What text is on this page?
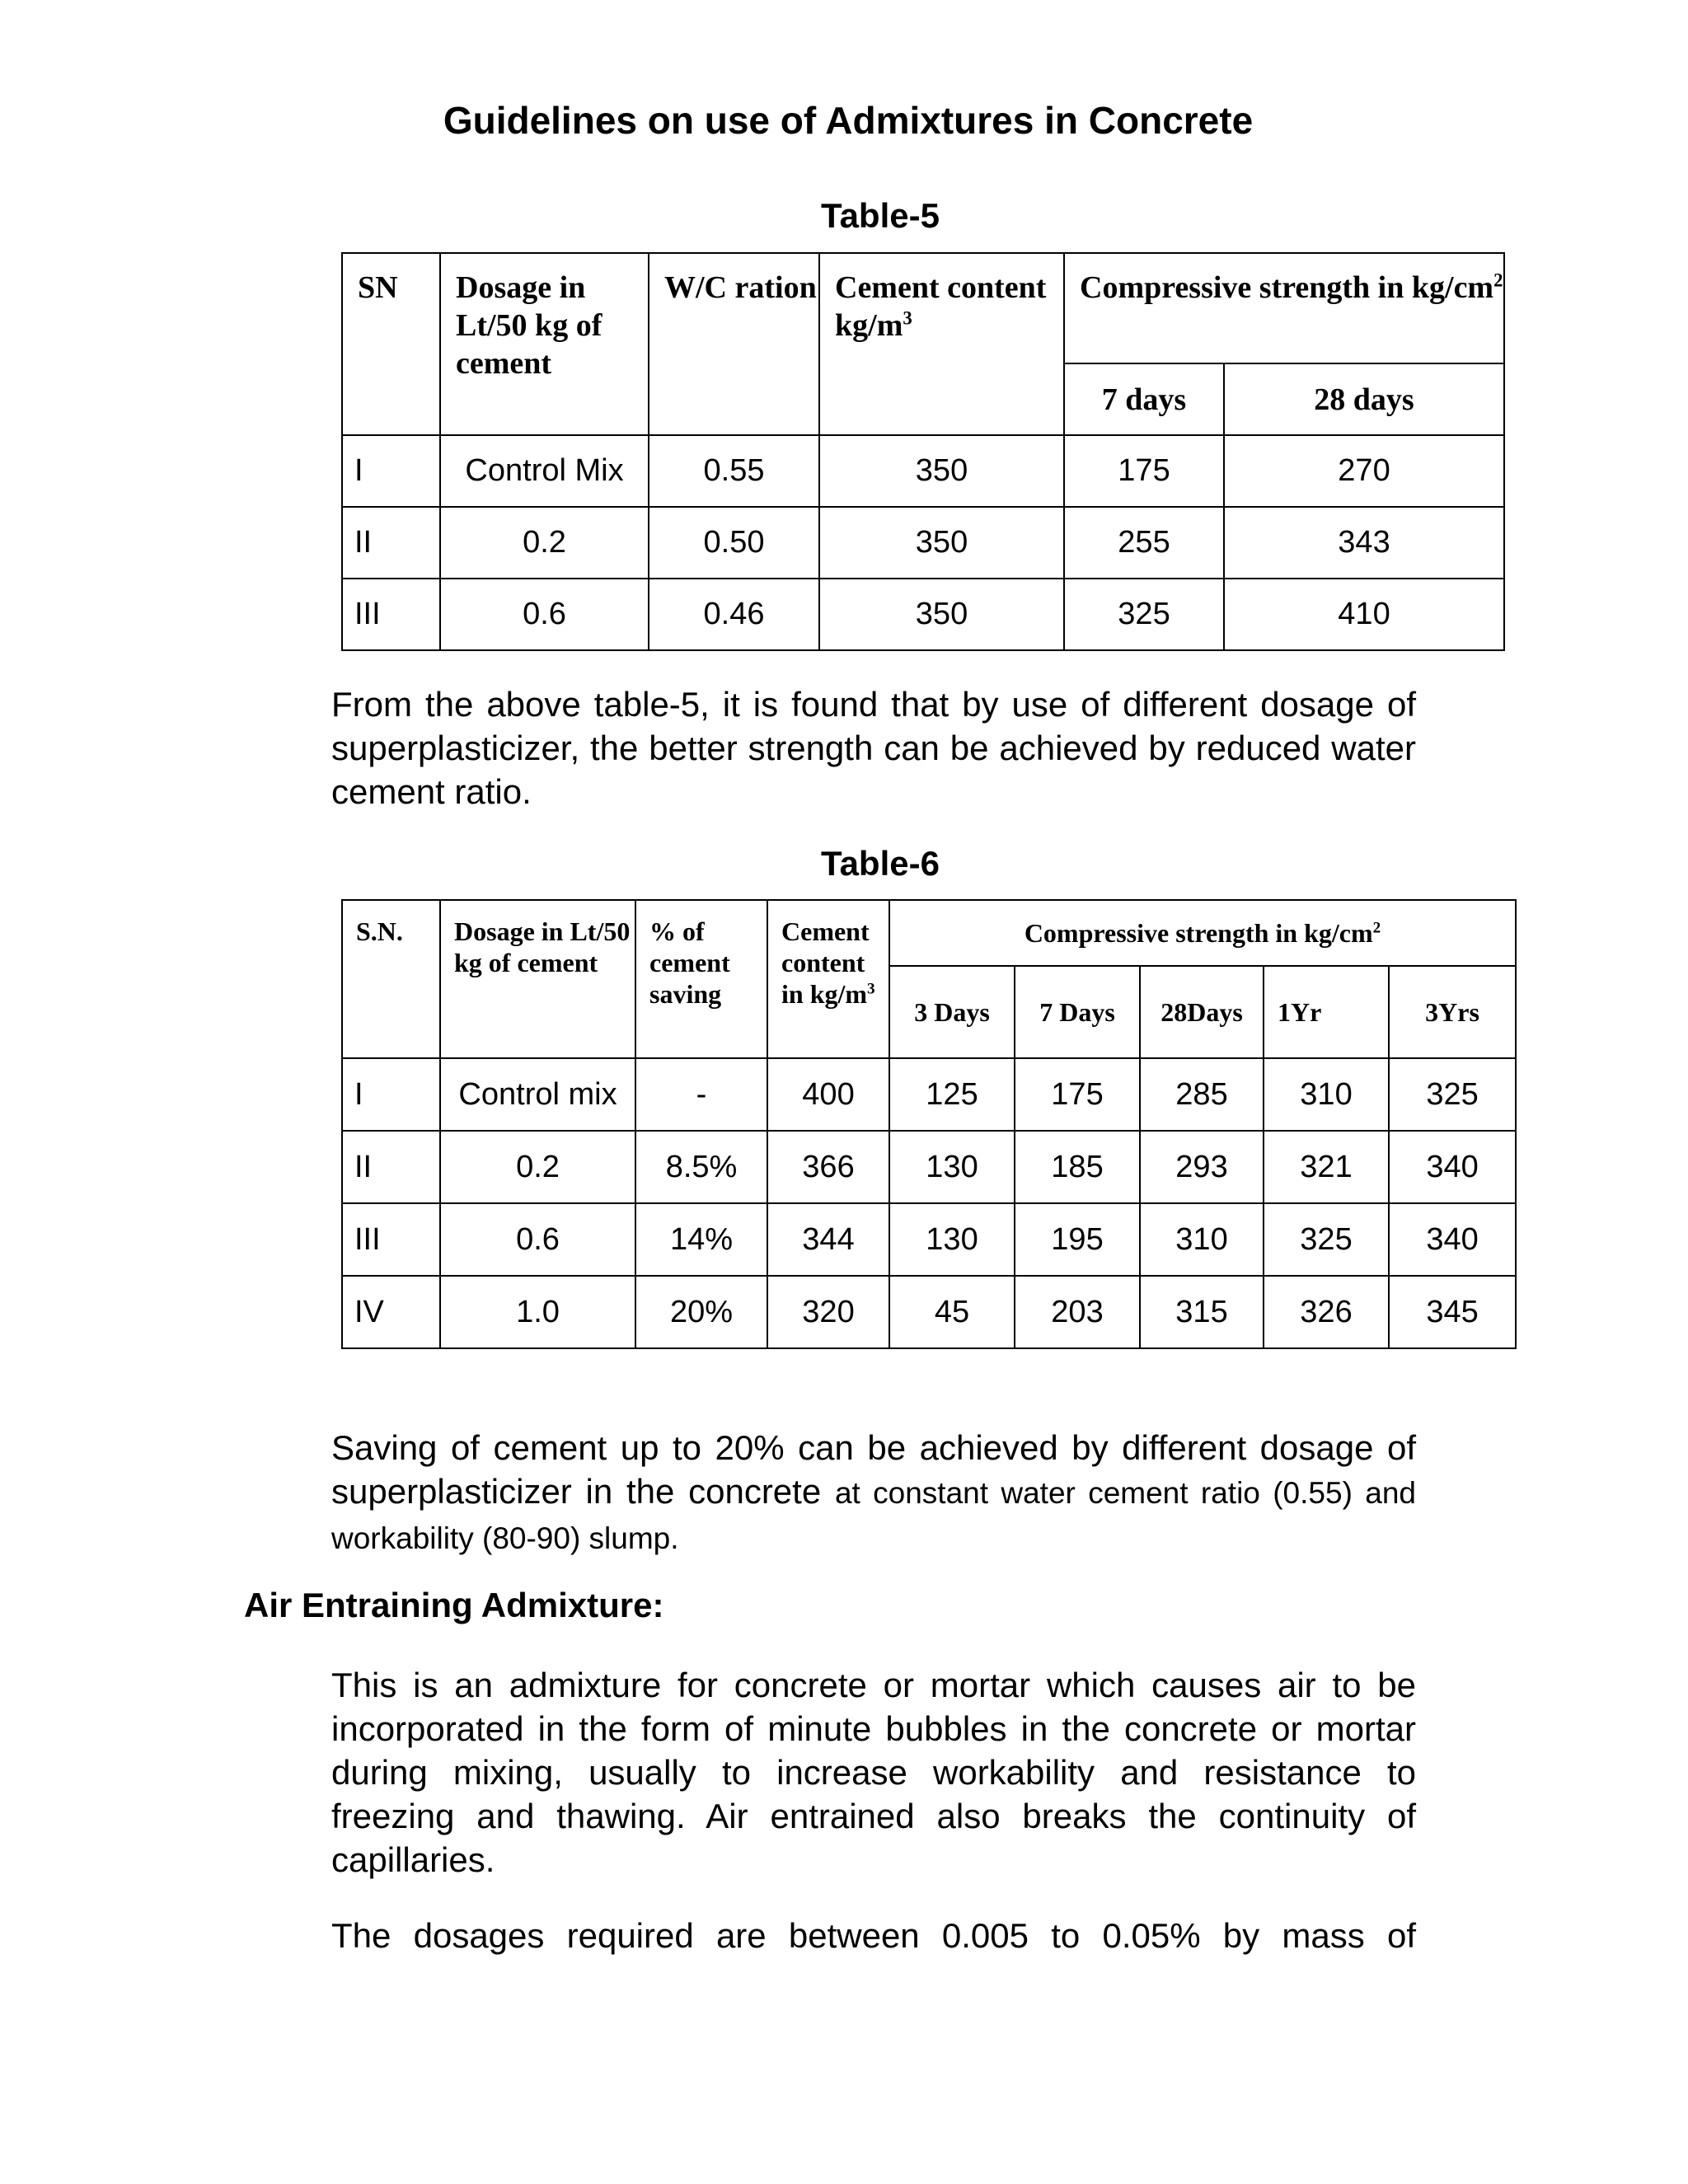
Guidelines on use of Admixtures in Concrete
Table-5
SN	Dosage in Lt/50 kg of cement	W/C ration	Cement content $kg/m^3$	Compressive strength in $kg/cm^2$
				7 days	28 days
I	Control Mix	0.55	350	175	270
II	0.2	0.50	350	255	343
III	0.6	0.46	350	325	410

From the above table-5, it is found that by use of different dosage of superplasticizer, the better strength can be achieved by reduced water cement ratio.

Table-6
S.N.	Dosage in Lt/50 kg of cement	% of cement saving	Cement content in $kg/m^3$	Compressive strength in $kg/cm^2$
				3 Days	7 Days	28Days	1Yr	3Yrs
I	Control mix	-	400	125	175	285	310	325
II	0.2	8.5%	366	130	185	293	321	340
III	0.6	14%	344	130	195	310	325	340
IV	1.0	20%	320	45	203	315	326	345

Saving of cement up to 20% can be achieved by different dosage of superplasticizer in the concrete at constant water cement ratio (0.55) and workability (80-90) slump.

Air Entraining Admixture:

This is an admixture for concrete or mortar which causes air to be incorporated in the form of minute bubbles in the concrete or mortar during mixing, usually to increase workability and resistance to freezing and thawing. Air entrained also breaks the continuity of capillaries.

The dosages required are between 0.005 to 0.05% by mass of
